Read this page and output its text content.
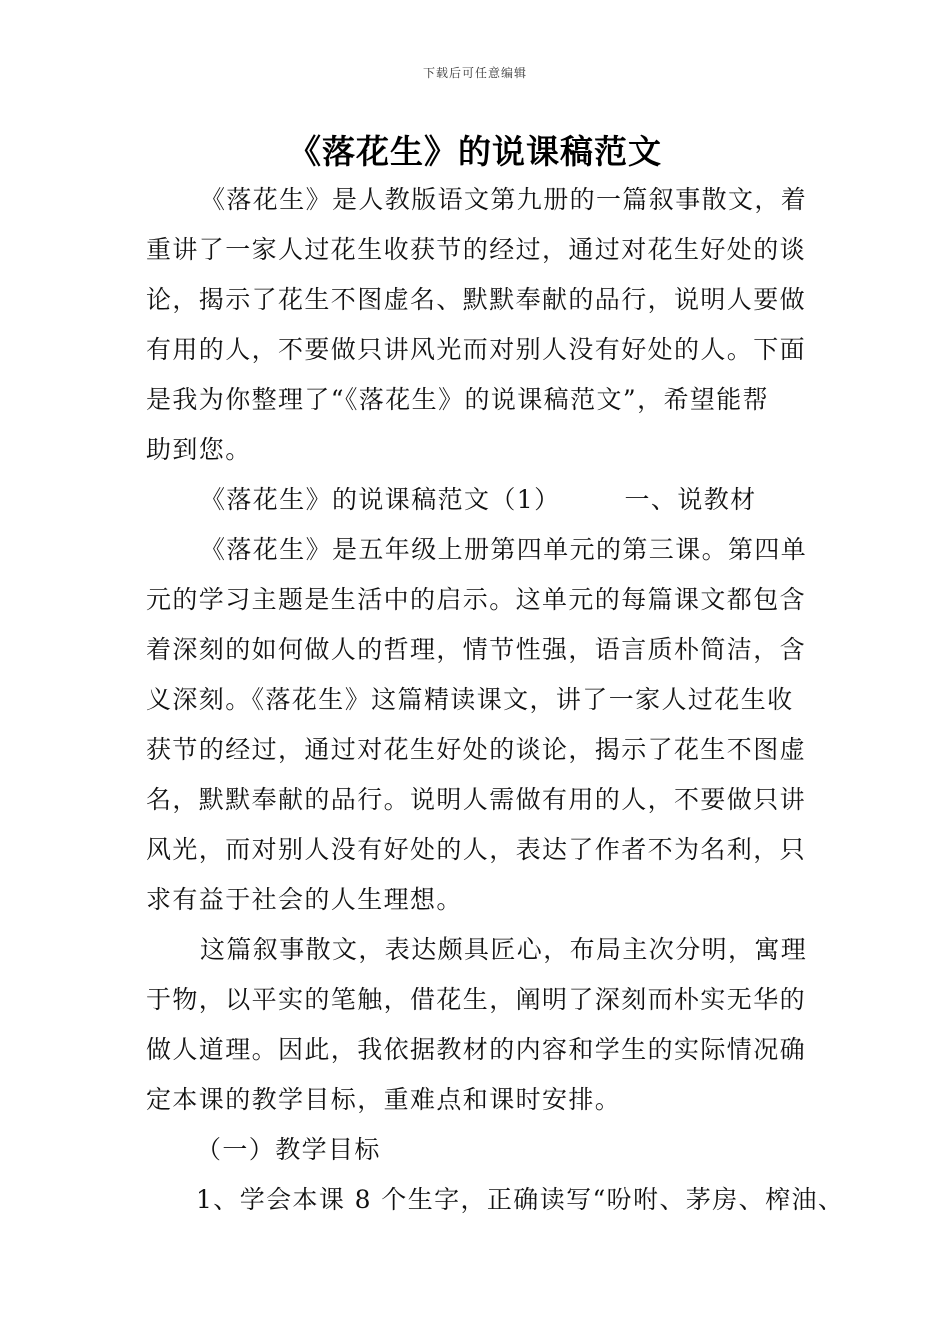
下载后可任意编辑
《落花生》的说课稿范文
《落花生》是人教版语文第九册的一篇叙事散文，着
重讲了一家人过花生收获节的经过，通过对花生好处的谈
论，揭示了花生不图虚名、默默奉献的品行，说明人要做
有用的人，不要做只讲风光而对别人没有好处的人。下面
是我为你整理了“《落花生》的说课稿范文”，希望能帮
助到您。
《落花生》的说课稿范文（1）	一、说教材
《落花生》是五年级上册第四单元的第三课。第四单
元的学习主题是生活中的启示。这单元的每篇课文都包含
着深刻的如何做人的哲理，情节性强，语言质朴简洁，含
义深刻。《落花生》这篇精读课文，讲了一家人过花生收
获节的经过，通过对花生好处的谈论，揭示了花生不图虚
名，默默奉献的品行。说明人需做有用的人，不要做只讲
风光，而对别人没有好处的人，表达了作者不为名利，只
求有益于社会的人生理想。
这篇叙事散文，表达颇具匠心，布局主次分明，寓理
于物，以平实的笔触，借花生，阐明了深刻而朴实无华的
做人道理。因此，我依据教材的内容和学生的实际情况确
定本课的教学目标，重难点和课时安排。
（一）教学目标
1、学会本课 8 个生字，正确读写“吩咐、茅房、榨油、
